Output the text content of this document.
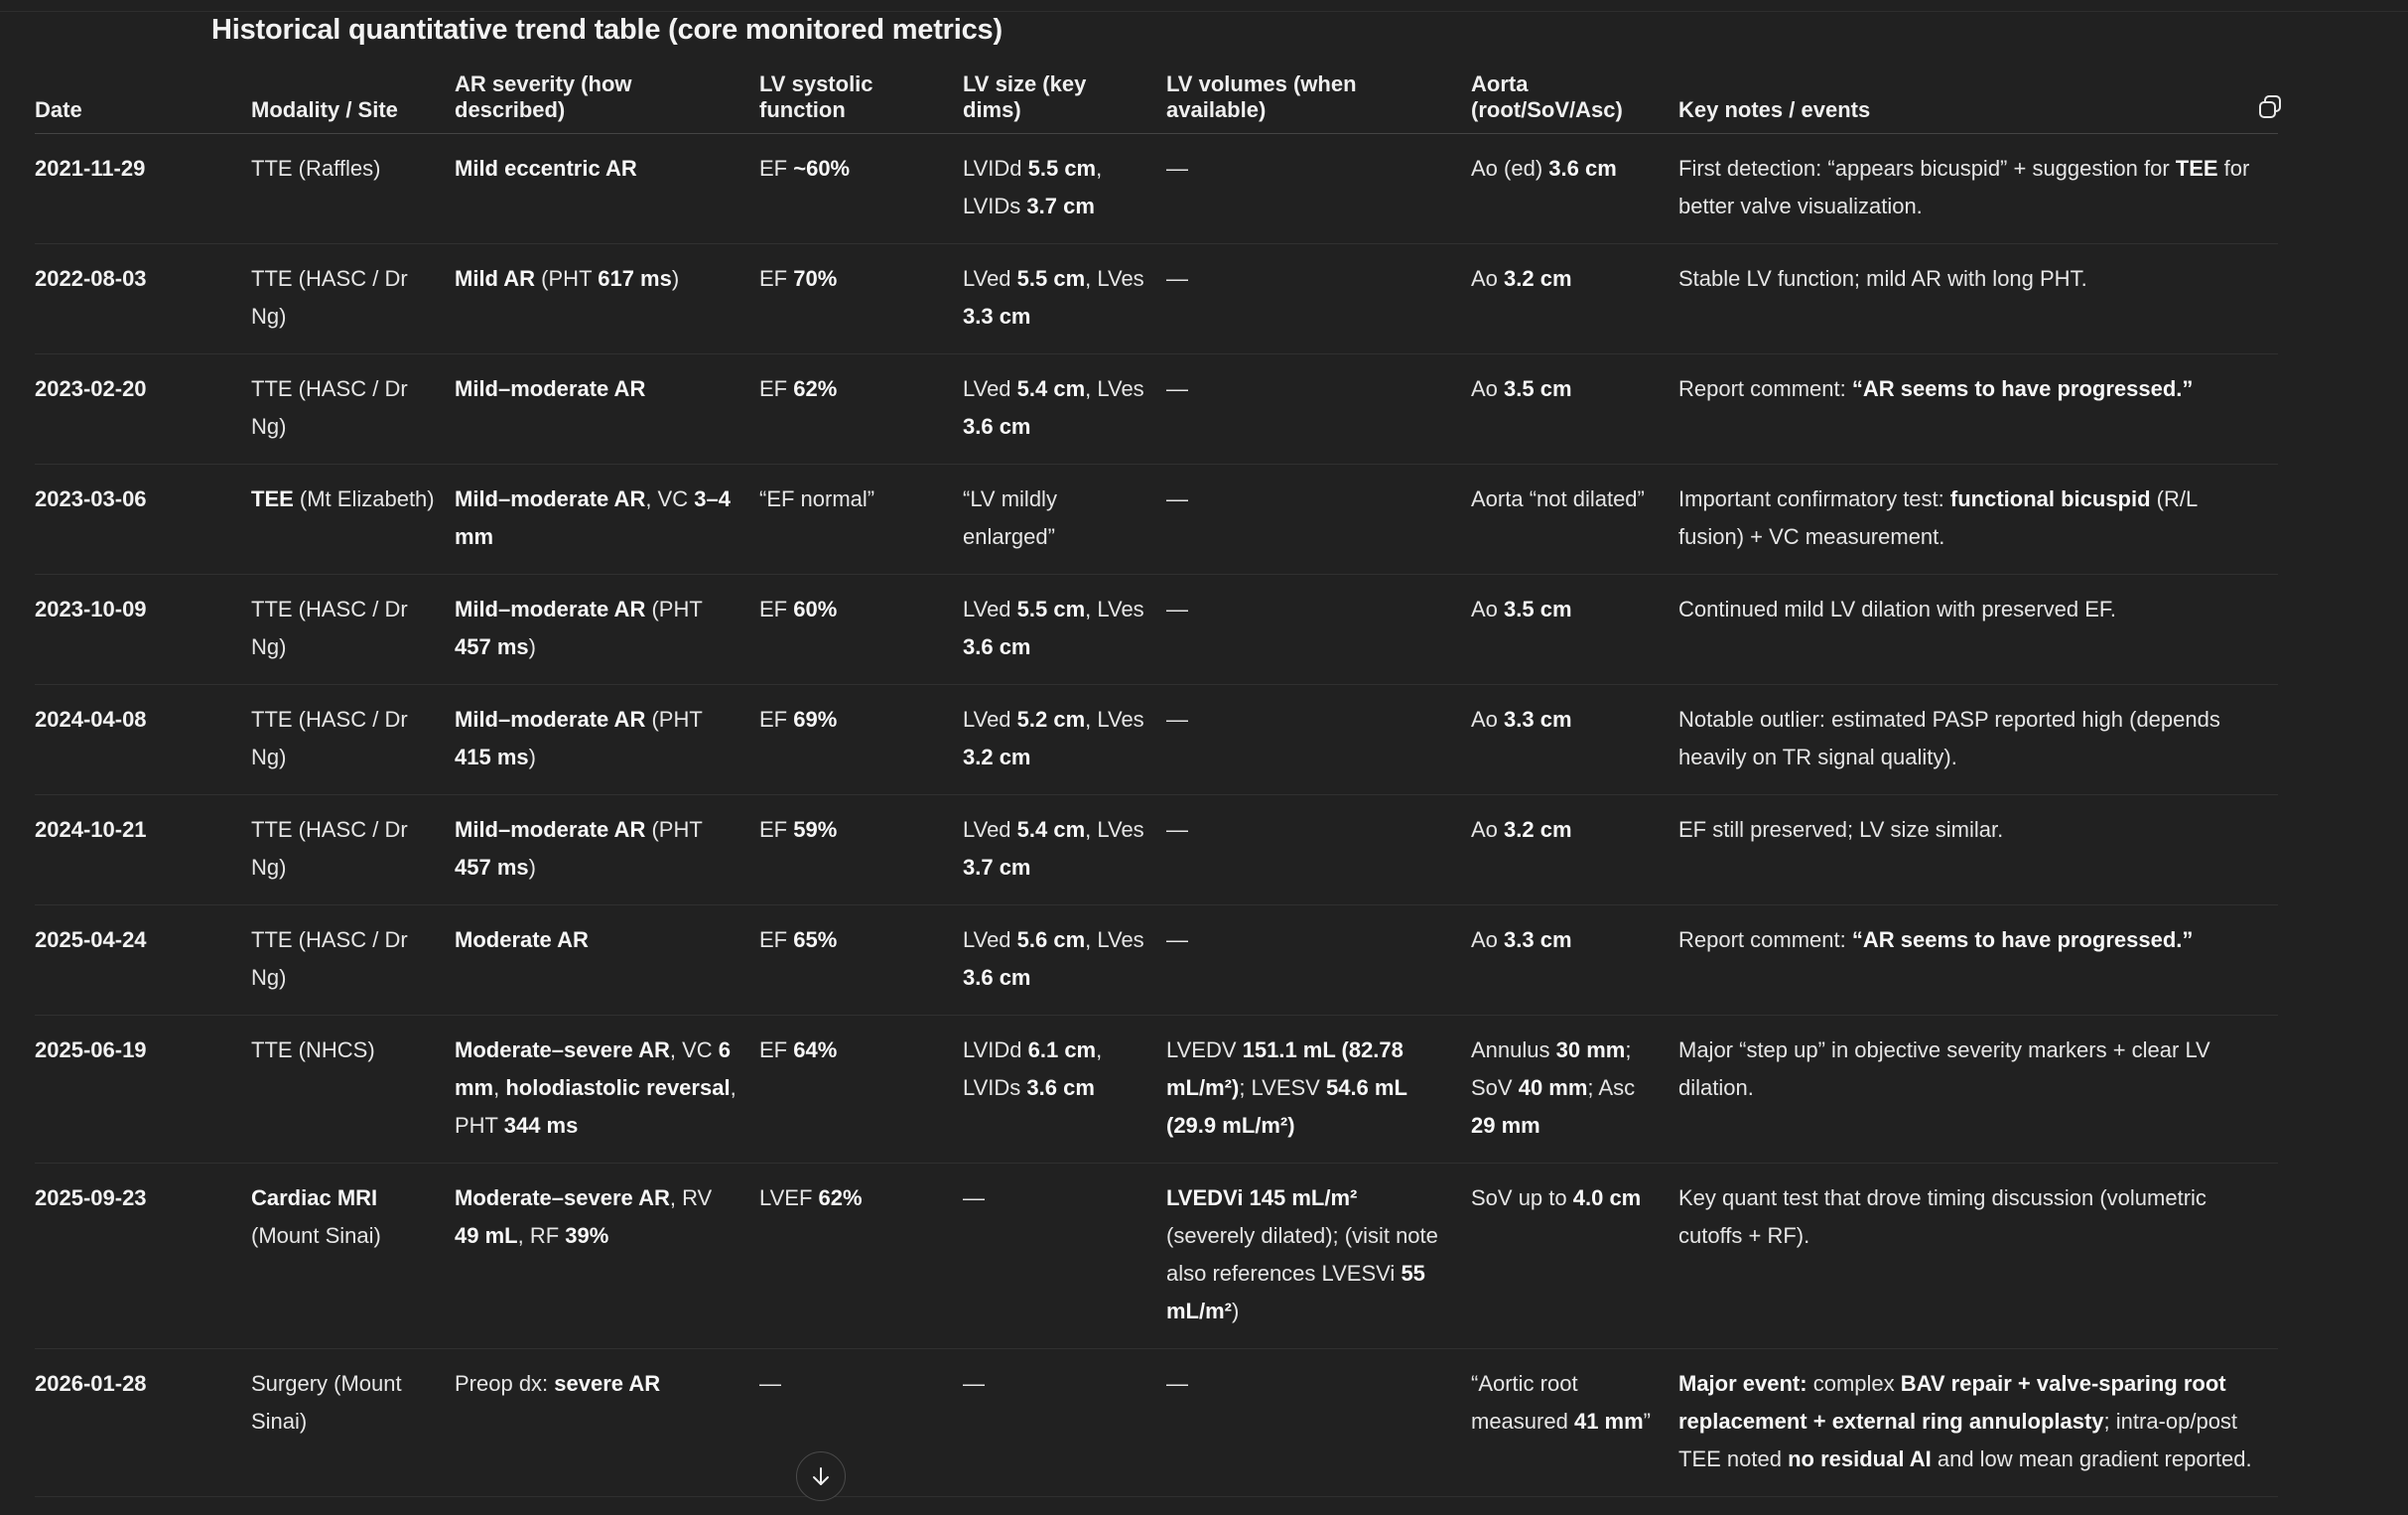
Historical quantitative trend table (core monitored metrics)
Date	Modality / Site	AR severity (how described)	LV systolic function	LV size (key dims)	LV volumes (when available)	Aorta (root/SoV/Asc)	Key notes / events

2021-11-29	TTE (Raffles)	Mild eccentric AR	EF ~60%	LVIDd 5.5 cm, LVIDs 3.7 cm	—	Ao (ed) 3.6 cm	First detection: “appears bicuspid” + suggestion for TEE for better valve visualization.
2022-08-03	TTE (HASC / Dr Ng)	Mild AR (PHT 617 ms)	EF 70%	LVed 5.5 cm, LVes 3.3 cm	—	Ao 3.2 cm	Stable LV function; mild AR with long PHT.
2023-02-20	TTE (HASC / Dr Ng)	Mild–moderate AR	EF 62%	LVed 5.4 cm, LVes 3.6 cm	—	Ao 3.5 cm	Report comment: “AR seems to have progressed.”
2023-03-06	TEE (Mt Elizabeth)	Mild–moderate AR, VC 3–4 mm	“EF normal”	“LV mildly enlarged”	—	Aorta “not dilated”	Important confirmatory test: functional bicuspid (R/L fusion) + VC measurement.
2023-10-09	TTE (HASC / Dr Ng)	Mild–moderate AR (PHT 457 ms)	EF 60%	LVed 5.5 cm, LVes 3.6 cm	—	Ao 3.5 cm	Continued mild LV dilation with preserved EF.
2024-04-08	TTE (HASC / Dr Ng)	Mild–moderate AR (PHT 415 ms)	EF 69%	LVed 5.2 cm, LVes 3.2 cm	—	Ao 3.3 cm	Notable outlier: estimated PASP reported high (depends heavily on TR signal quality).
2024-10-21	TTE (HASC / Dr Ng)	Mild–moderate AR (PHT 457 ms)	EF 59%	LVed 5.4 cm, LVes 3.7 cm	—	Ao 3.2 cm	EF still preserved; LV size similar.
2025-04-24	TTE (HASC / Dr Ng)	Moderate AR	EF 65%	LVed 5.6 cm, LVes 3.6 cm	—	Ao 3.3 cm	Report comment: “AR seems to have progressed.”
2025-06-19	TTE (NHCS)	Moderate–severe AR, VC 6 mm, holodiastolic reversal, PHT 344 ms	EF 64%	LVIDd 6.1 cm, LVIDs 3.6 cm	LVEDV 151.1 mL (82.78 mL/m²); LVESV 54.6 mL (29.9 mL/m²)	Annulus 30 mm; SoV 40 mm; Asc 29 mm	Major “step up” in objective severity markers + clear LV dilation.
2025-09-23	Cardiac MRI (Mount Sinai)	Moderate–severe AR, RV 49 mL, RF 39%	LVEF 62%	—	LVEDVi 145 mL/m² (severely dilated); (visit note also references LVESVi 55 mL/m²)	SoV up to 4.0 cm	Key quant test that drove timing discussion (volumetric cutoffs + RF).
2026-01-28	Surgery (Mount Sinai)	Preop dx: severe AR	—	—	—	“Aortic root measured 41 mm”	Major event: complex BAV repair + valve-sparing root replacement + external ring annuloplasty; intra-op/post TEE noted no residual AI and low mean gradient reported.
